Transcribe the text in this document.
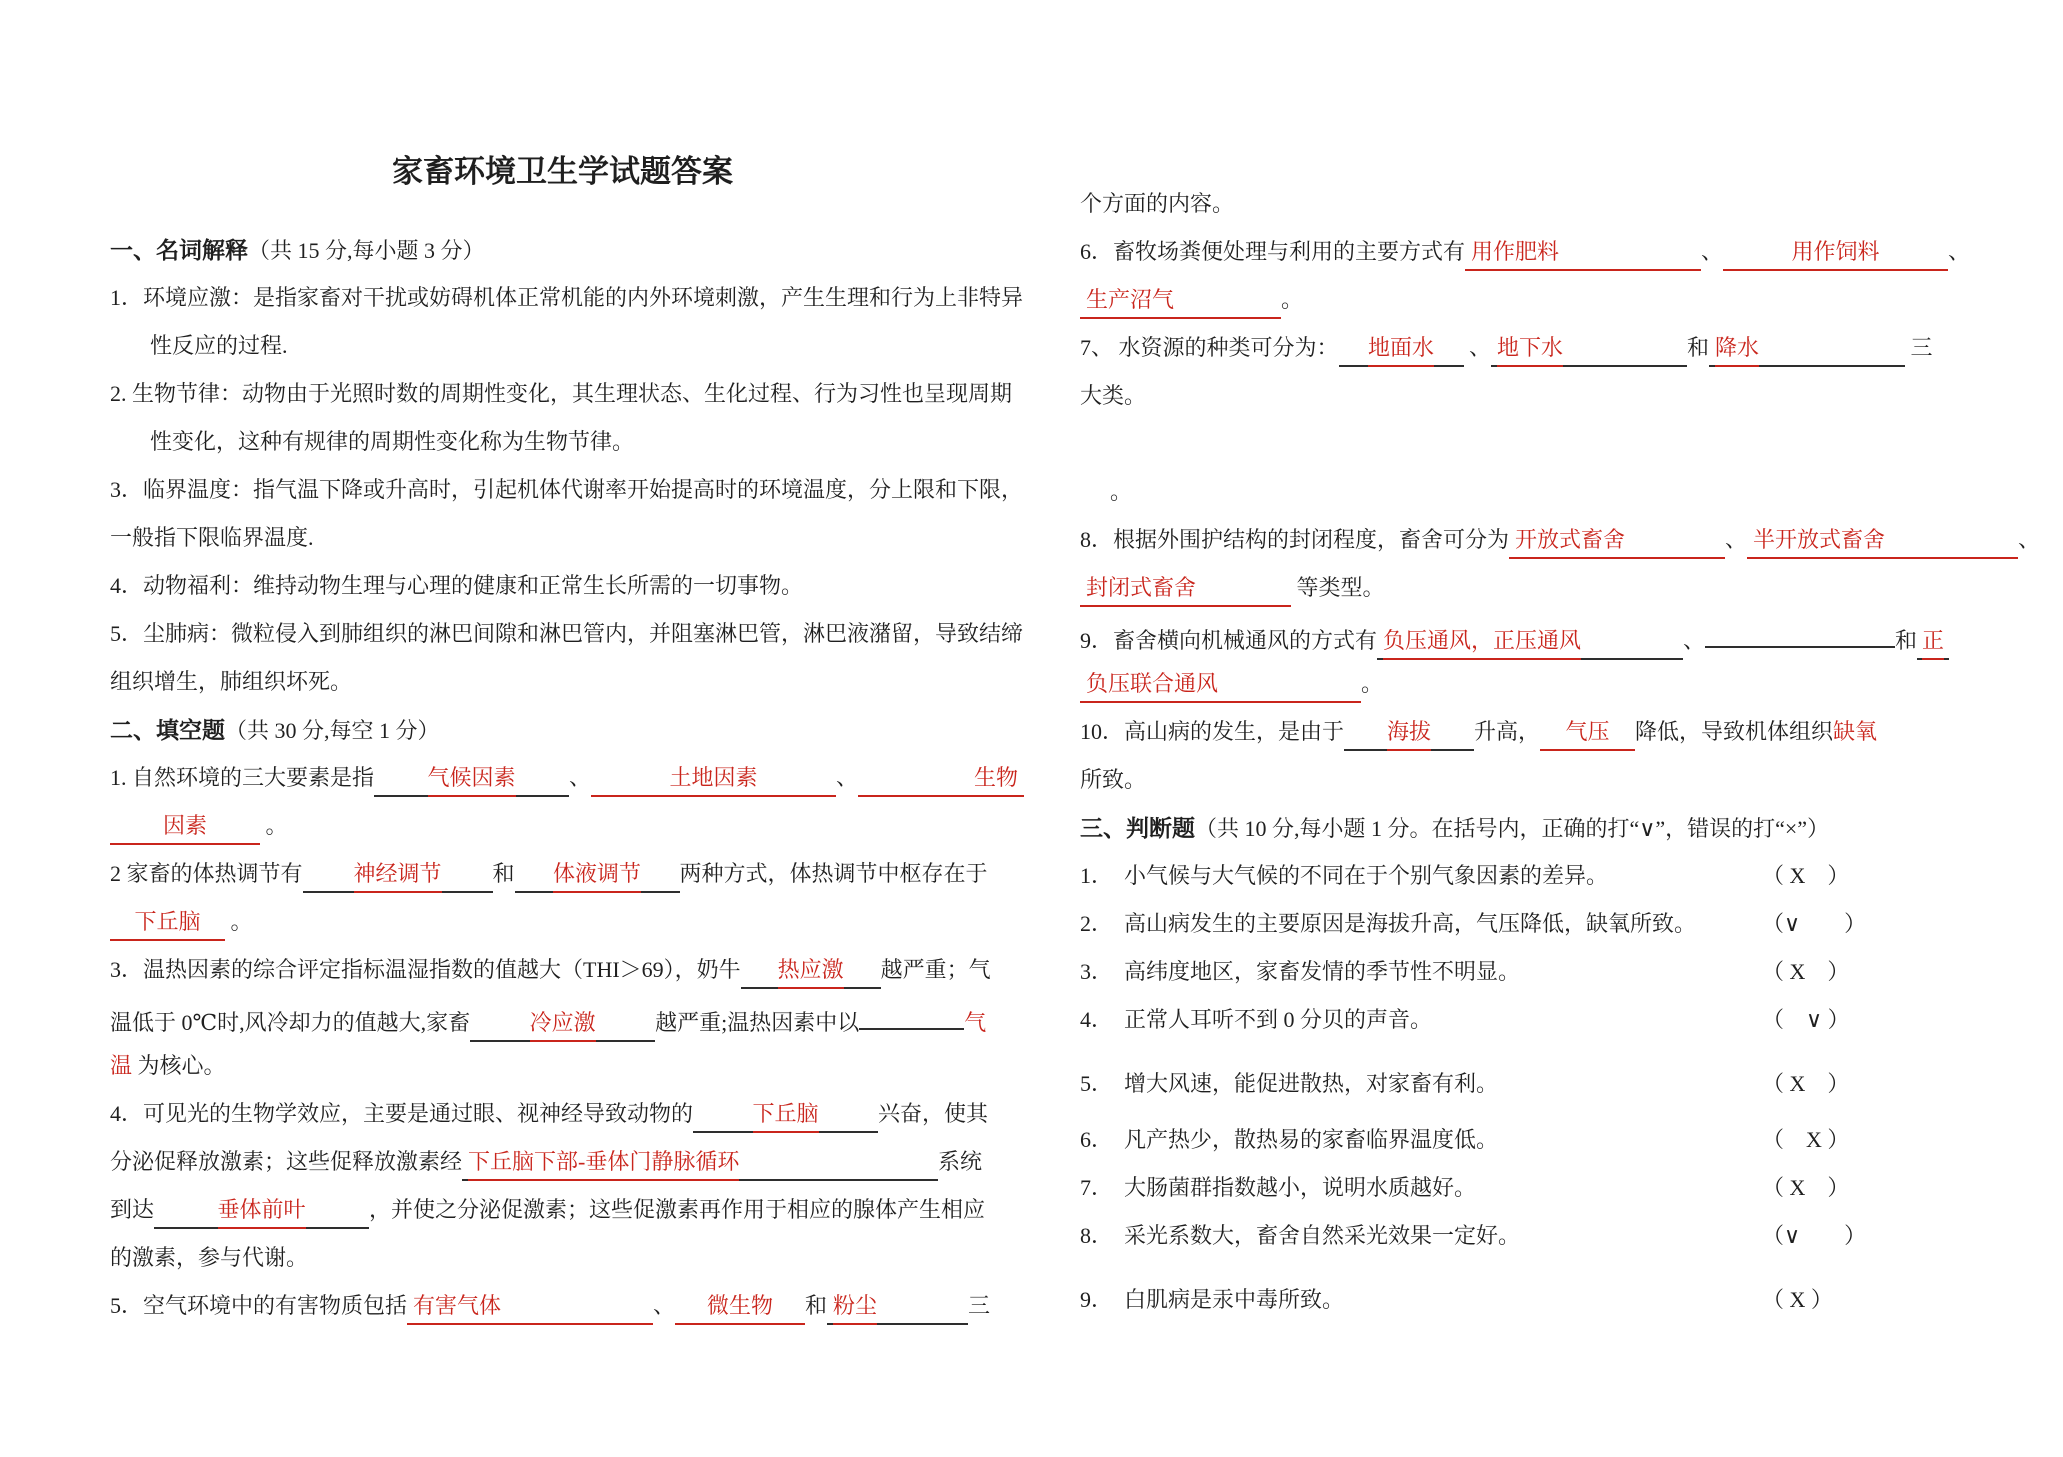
家畜环境卫生学试题答案
一、名词解释（共 15 分,每小题 3 分）
1．环境应激：是指家畜对干扰或妨碍机体正常机能的内外环境刺激，产生生理和行为上非特异
性反应的过程.
2. 生物节律：动物由于光照时数的周期性变化，其生理状态、生化过程、行为习性也呈现周期
性变化，这种有规律的周期性变化称为生物节律。
3．临界温度：指气温下降或升高时，引起机体代谢率开始提高时的环境温度，分上限和下限，
一般指下限临界温度.
4．动物福利：维持动物生理与心理的健康和正常生长所需的一切事物。
5．尘肺病：微粒侵入到肺组织的淋巴间隙和淋巴管内，并阻塞淋巴管，淋巴液潴留，导致结缔
组织增生，肺组织坏死。
二、填空题（共 30 分,每空 1 分）
1. 自然环境的三大要素是指 气候因素 、	土地因素	、	生物
因素 。
2 家畜的体热调节有 神经调节 和 体液调节 两种方式，体热调节中枢存在于
下丘脑 。
3．温热因素的综合评定指标温湿指数的值越大（THI＞69），奶牛 热应激 越严重；气
温低于 0℃时,风冷却力的值越大,家畜	冷应激	越严重;温热因素中以	气
温 为核心。
4．可见光的生物学效应，主要是通过眼、视神经导致动物的	下丘脑	兴奋，使其
分泌促释放激素；这些促释放激素经 下丘脑下部-垂体门静脉循环	系统
到达	垂体前叶	，并使之分泌促激素；这些促激素再作用于相应的腺体产生相应
的激素，参与代谢。
5．空气环境中的有害物质包括 有害气体	、 微生物 和 粉尘	三
个方面的内容。
6．畜牧场粪便处理与利用的主要方式有 用作肥料	、	用作饲料	、
生产沼气	。
7、 水资源的种类可分为： 地面水 、 地下水	和 降水	三
大类。
。
8．根据外围护结构的封闭程度，畜舍可分为 开放式畜舍	、 半开放式畜舍	、
封闭式畜舍	等类型。
9．畜舍横向机械通风的方式有 负压通风，正压通风	、	和 正
负压联合通风	。
10．高山病的发生，是由于 海拔 升高， 气压 降低，导致机体组织缺氧
所致。
三、判断题（共 10 分,每小题 1 分。在括号内，正确的打“∨”，错误的打“×”）
1．　小气候与大气候的不同在于个别气象因素的差异。	（ X　）
2．　高山病发生的主要原因是海拔升高，气压降低，缺氧所致。	（∨　　）
3．　高纬度地区，家畜发情的季节性不明显。	（ X　）
4．　正常人耳听不到 0 分贝的声音。	（　∨ ）
5．　增大风速，能促进散热，对家畜有利。	（ X　）
6．　凡产热少，散热易的家畜临界温度低。	（　X ）
7．　大肠菌群指数越小，说明水质越好。	（ X　）
8．　采光系数大，畜舍自然采光效果一定好。	（∨　　）
9．　白肌病是汞中毒所致。	（ X ）
